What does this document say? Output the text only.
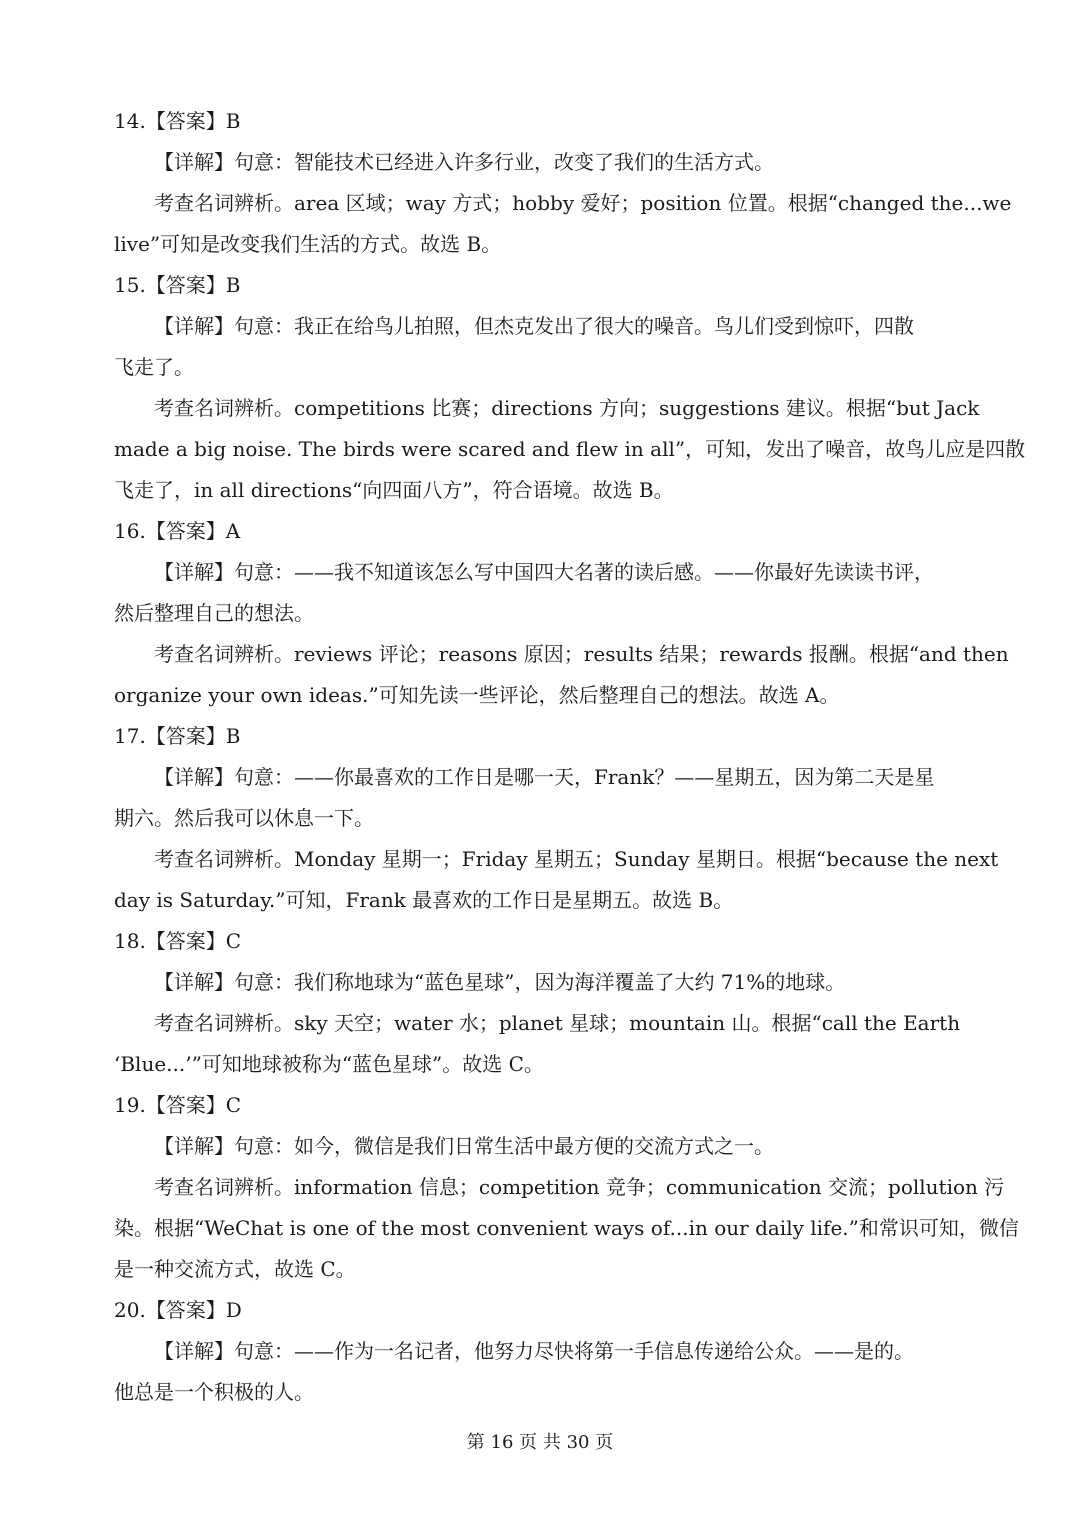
14.【答案】B
【详解】句意：智能技术已经进入许多行业，改变了我们的生活方式。
考查名词辨析。area 区域；way 方式；hobby 爱好；position 位置。根据“changed the...we
live”可知是改变我们生活的方式。故选 B。
15.【答案】B
【详解】句意：我正在给鸟儿拍照，但杰克发出了很大的噪音。鸟儿们受到惊吓，四散
飞走了。
考查名词辨析。competitions 比赛；directions 方向；suggestions 建议。根据“but Jack
made a big noise. The birds were scared and flew in all”，可知，发出了噪音，故鸟儿应是四散
飞走了，in all directions“向四面八方”，符合语境。故选 B。
16.【答案】A
【详解】句意：——我不知道该怎么写中国四大名著的读后感。——你最好先读读书评，
然后整理自己的想法。
考查名词辨析。reviews 评论；reasons 原因；results 结果；rewards 报酬。根据“and then
organize your own ideas.”可知先读一些评论，然后整理自己的想法。故选 A。
17.【答案】B
【详解】句意：——你最喜欢的工作日是哪一天，Frank？——星期五，因为第二天是星
期六。然后我可以休息一下。
考查名词辨析。Monday 星期一；Friday 星期五；Sunday 星期日。根据“because the next
day is Saturday.”可知，Frank 最喜欢的工作日是星期五。故选 B。
18.【答案】C
【详解】句意：我们称地球为“蓝色星球”，因为海洋覆盖了大约 71%的地球。
考查名词辨析。sky 天空；water 水；planet 星球；mountain 山。根据“call the Earth
‘Blue...’”可知地球被称为“蓝色星球”。故选 C。
19.【答案】C
【详解】句意：如今，微信是我们日常生活中最方便的交流方式之一。
考查名词辨析。information 信息；competition 竞争；communication 交流；pollution 污
染。根据“WeChat is one of the most convenient ways of...in our daily life.”和常识可知，微信
是一种交流方式，故选 C。
20.【答案】D
【详解】句意：——作为一名记者，他努力尽快将第一手信息传递给公众。——是的。
他总是一个积极的人。
第 16 页 共 30 页
